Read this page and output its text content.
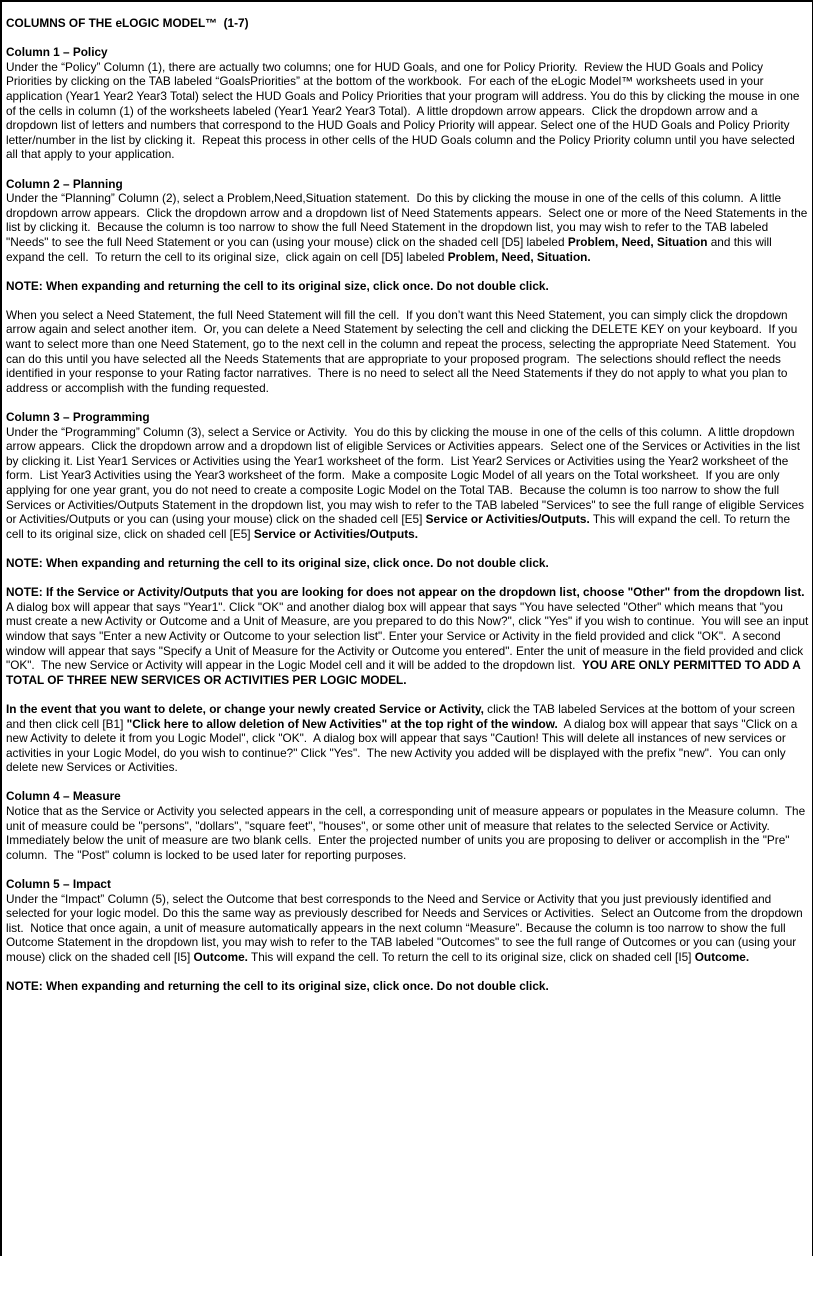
COLUMNS OF THE eLOGIC MODEL™  (1-7)
Column 1 – Policy

Under the “Policy” Column (1), there are actually two columns; one for HUD Goals, and one for Policy Priority.  Review the HUD Goals and Policy Priorities by clicking on the TAB labeled “GoalsPriorities” at the bottom of the workbook.  For each of the eLogic Model™ worksheets used in your application (Year1 Year2 Year3 Total) select the HUD Goals and Policy Priorities that your program will address. You do this by clicking the mouse in one of the cells in column (1) of the worksheets labeled (Year1 Year2 Year3 Total).  A little dropdown arrow appears.  Click the dropdown arrow and a dropdown list of letters and numbers that correspond to the HUD Goals and Policy Priority will appear. Select one of the HUD Goals and Policy Priority letter/number in the list by clicking it.  Repeat this process in other cells of the HUD Goals column and the Policy Priority column until you have selected all that apply to your application.

Column 2 – Planning

Under the “Planning” Column (2), select a Problem,Need,Situation statement.  Do this by clicking the mouse in one of the cells of this column.  A little dropdown arrow appears.  Click the dropdown arrow and a dropdown list of Need Statements appears.  Select one or more of the Need Statements in the list by clicking it.  Because the column is too narrow to show the full Need Statement in the dropdown list, you may wish to refer to the TAB labeled "Needs" to see the full Need Statement or you can (using your mouse) click on the shaded cell [D5] labeled Problem, Need, Situation and this will expand the cell.  To return the cell to its original size,  click again on cell [D5] labeled Problem, Need, Situation.

NOTE: When expanding and returning the cell to its original size, click once. Do not double click.

When you select a Need Statement, the full Need Statement will fill the cell.  If you don’t want this Need Statement, you can simply click the dropdown arrow again and select another item.  Or, you can delete a Need Statement by selecting the cell and clicking the DELETE KEY on your keyboard.  If you want to select more than one Need Statement, go to the next cell in the column and repeat the process, selecting the appropriate Need Statement.  You can do this until you have selected all the Needs Statements that are appropriate to your proposed program.  The selections should reflect the needs identified in your response to your Rating factor narratives.  There is no need to select all the Need Statements if they do not apply to what you plan to address or accomplish with the funding requested.

Column 3 – Programming

Under the “Programming” Column (3), select a Service or Activity.  You do this by clicking the mouse in one of the cells of this column.  A little dropdown arrow appears.  Click the dropdown arrow and a dropdown list of eligible Services or Activities appears.  Select one of the Services or Activities in the list by clicking it. List Year1 Services or Activities using the Year1 worksheet of the form.  List Year2 Services or Activities using the Year2 worksheet of the form.  List Year3 Activities using the Year3 worksheet of the form.  Make a composite Logic Model of all years on the Total worksheet.  If you are only applying for one year grant, you do not need to create a composite Logic Model on the Total TAB.  Because the column is too narrow to show the full Services or Activities/Outputs Statement in the dropdown list, you may wish to refer to the TAB labeled "Services" to see the full range of eligible Services or Activities/Outputs or you can (using your mouse) click on the shaded cell [E5] Service or Activities/Outputs. This will expand the cell. To return the cell to its original size, click on shaded cell [E5] Service or Activities/Outputs.

NOTE: When expanding and returning the cell to its original size, click once. Do not double click.

NOTE: If the Service or Activity/Outputs that you are looking for does not appear on the dropdown list, choose "Other" from the dropdown list. A dialog box will appear that says "Year1". Click "OK" and another dialog box will appear that says "You have selected "Other" which means that "you must create a new Activity or Outcome and a Unit of Measure, are you prepared to do this Now?", click "Yes" if you wish to continue.  You will see an input window that says "Enter a new Activity or Outcome to your selection list". Enter your Service or Activity in the field provided and click "OK".  A second window will appear that says "Specify a Unit of Measure for the Activity or Outcome you entered". Enter the unit of measure in the field provided and click "OK".  The new Service or Activity will appear in the Logic Model cell and it will be added to the dropdown list.  YOU ARE ONLY PERMITTED TO ADD A TOTAL OF THREE NEW SERVICES OR ACTIVITIES PER LOGIC MODEL.

In the event that you want to delete, or change your newly created Service or Activity, click the TAB labeled Services at the bottom of your screen and then click cell [B1] "Click here to allow deletion of New Activities" at the top right of the window.  A dialog box will appear that says "Click on a new Activity to delete it from you Logic Model", click "OK".  A dialog box will appear that says "Caution! This will delete all instances of new services or activities in your Logic Model, do you wish to continue?" Click "Yes".  The new Activity you added will be displayed with the prefix "new".  You can only delete new Services or Activities.

Column 4 – Measure

Notice that as the Service or Activity you selected appears in the cell, a corresponding unit of measure appears or populates in the Measure column.  The unit of measure could be "persons", "dollars", "square feet", "houses", or some other unit of measure that relates to the selected Service or Activity.  Immediately below the unit of measure are two blank cells.  Enter the projected number of units you are proposing to deliver or accomplish in the "Pre" column.  The "Post" column is locked to be used later for reporting purposes.

Column 5 – Impact

Under the “Impact” Column (5), select the Outcome that best corresponds to the Need and Service or Activity that you just previously identified and selected for your logic model. Do this the same way as previously described for Needs and Services or Activities.  Select an Outcome from the dropdown list.  Notice that once again, a unit of measure automatically appears in the next column “Measure”. Because the column is too narrow to show the full Outcome Statement in the dropdown list, you may wish to refer to the TAB labeled "Outcomes" to see the full range of Outcomes or you can (using your mouse) click on the shaded cell [I5] Outcome. This will expand the cell. To return the cell to its original size, click on shaded cell [I5] Outcome.

NOTE: When expanding and returning the cell to its original size, click once. Do not double click.
